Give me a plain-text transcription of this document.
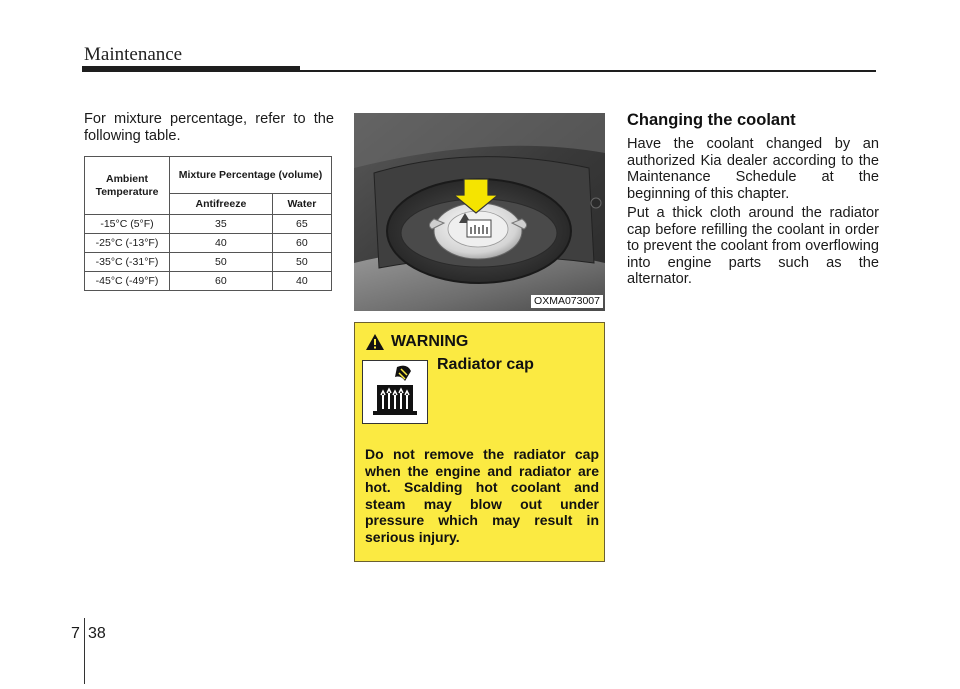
Maintenance
For mixture percentage, refer to the following table.
Ambient Temperature	Mixture Percentage (volume)	
	Antifreeze	Water
-15°C (5°F)	35	65
-25°C (-13°F)	40	60
-35°C (-31°F)	50	50
-45°C (-49°F)	60	40
OXMA073007
WARNING
Radiator cap
Do not remove the radiator cap when the engine and radiator are hot. Scalding hot coolant and steam may blow out under pressure which may result in serious injury.
Changing the coolant
Have the coolant changed by an authorized Kia dealer according to the Maintenance Schedule at the beginning of this chapter.
Put a thick cloth around the radiator cap before refilling the coolant in order to prevent the coolant from overflowing into engine parts such as the alternator.
7 38
